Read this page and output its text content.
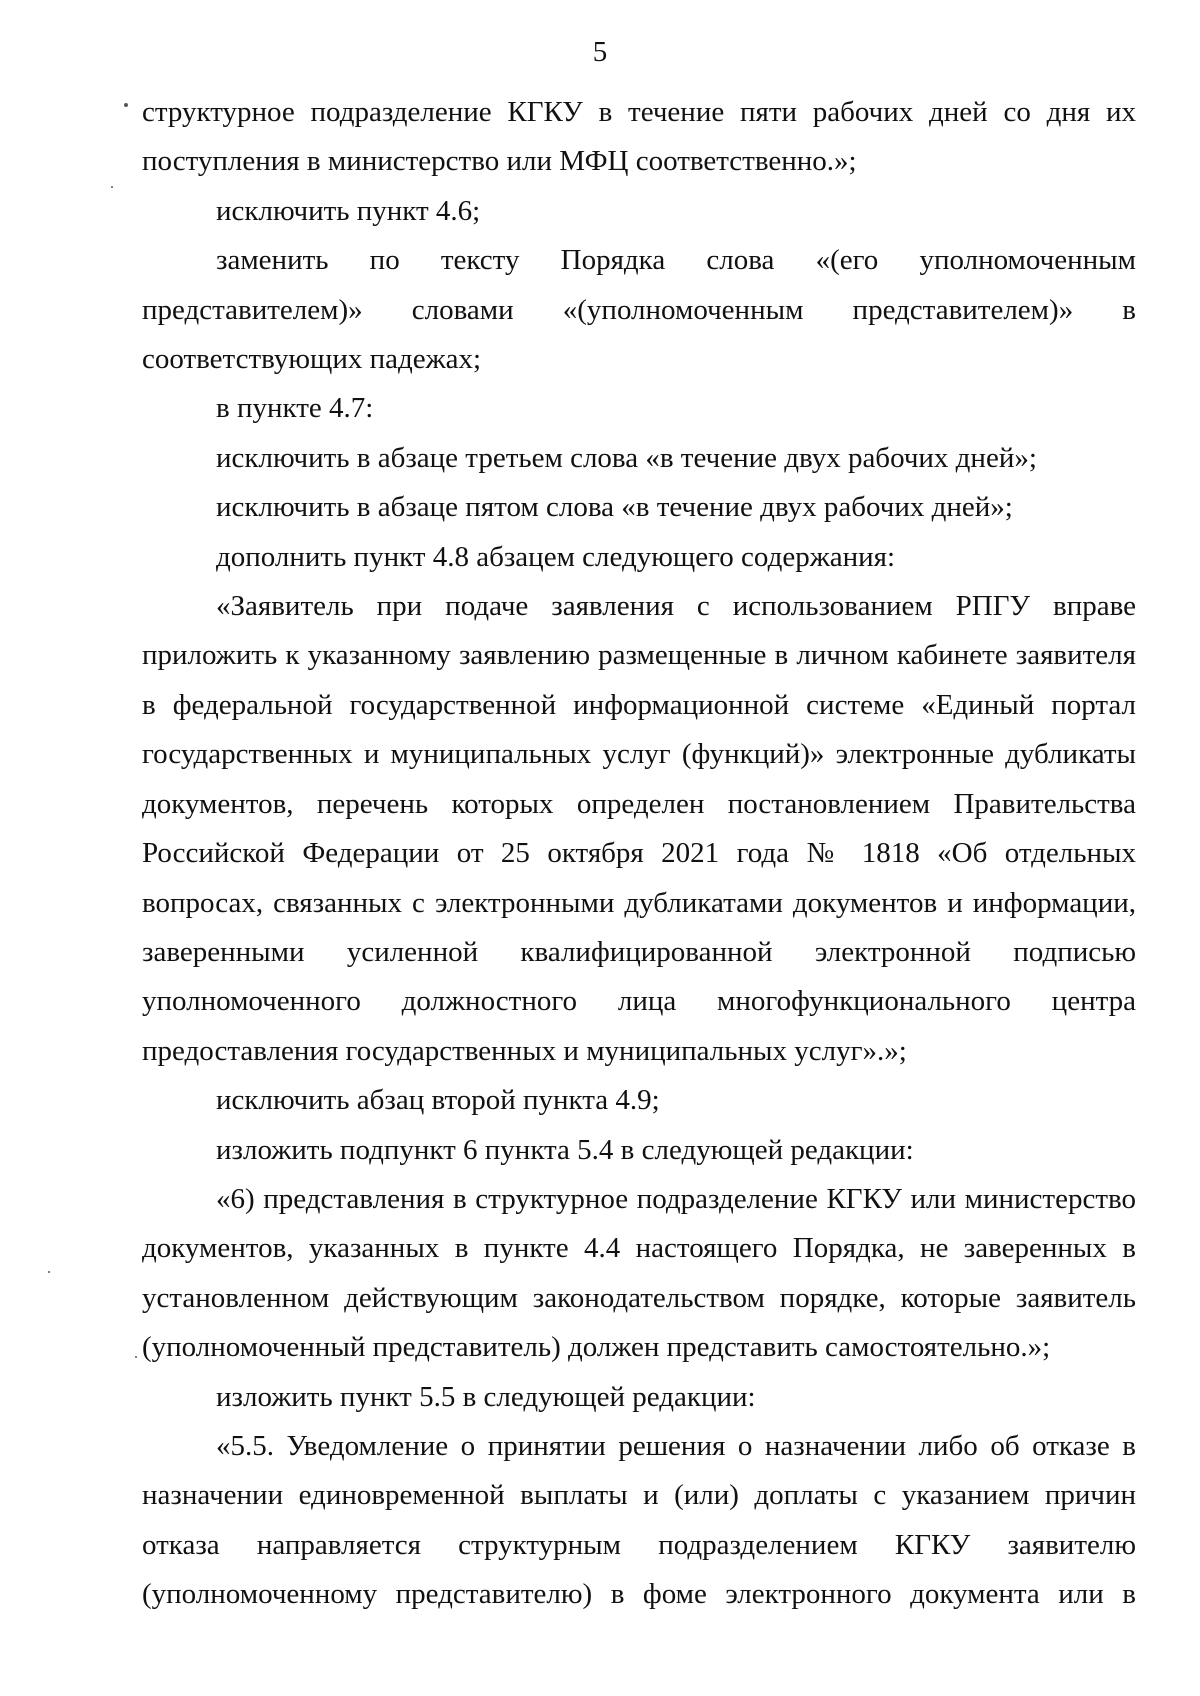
5

структурное подразделение КГКУ в течение пяти рабочих дней со дня их поступления в министерство или МФЦ соответственно.»;

исключить пункт 4.6;

заменить по тексту Порядка слова «(его уполномоченным представителем)» словами «(уполномоченным представителем)» в соответствующих падежах;

в пункте 4.7:

исключить в абзаце третьем слова «в течение двух рабочих дней»;

исключить в абзаце пятом слова «в течение двух рабочих дней»;

дополнить пункт 4.8 абзацем следующего содержания:

«Заявитель при подаче заявления с использованием РПГУ вправе приложить к указанному заявлению размещенные в личном кабинете заявителя в федеральной государственной информационной системе «Единый портал государственных и муниципальных услуг (функций)» электронные дубликаты документов, перечень которых определен постановлением Правительства Российской Федерации от 25 октября 2021 года № 1818 «Об отдельных вопросах, связанных с электронными дубликатами документов и информации, заверенными усиленной квалифицированной электронной подписью уполномоченного должностного лица многофункционального центра предоставления государственных и муниципальных услуг».»;

исключить абзац второй пункта 4.9;

изложить подпункт 6 пункта 5.4 в следующей редакции:

«6) представления в структурное подразделение КГКУ или министерство документов, указанных в пункте 4.4 настоящего Порядка, не заверенных в установленном действующим законодательством порядке, которые заявитель (уполномоченный представитель) должен представить самостоятельно.»;

изложить пункт 5.5 в следующей редакции:

«5.5. Уведомление о принятии решения о назначении либо об отказе в назначении единовременной выплаты и (или) доплаты с указанием причин отказа направляется структурным подразделением КГКУ заявителю (уполномоченному представителю) в фоме электронного документа или в
